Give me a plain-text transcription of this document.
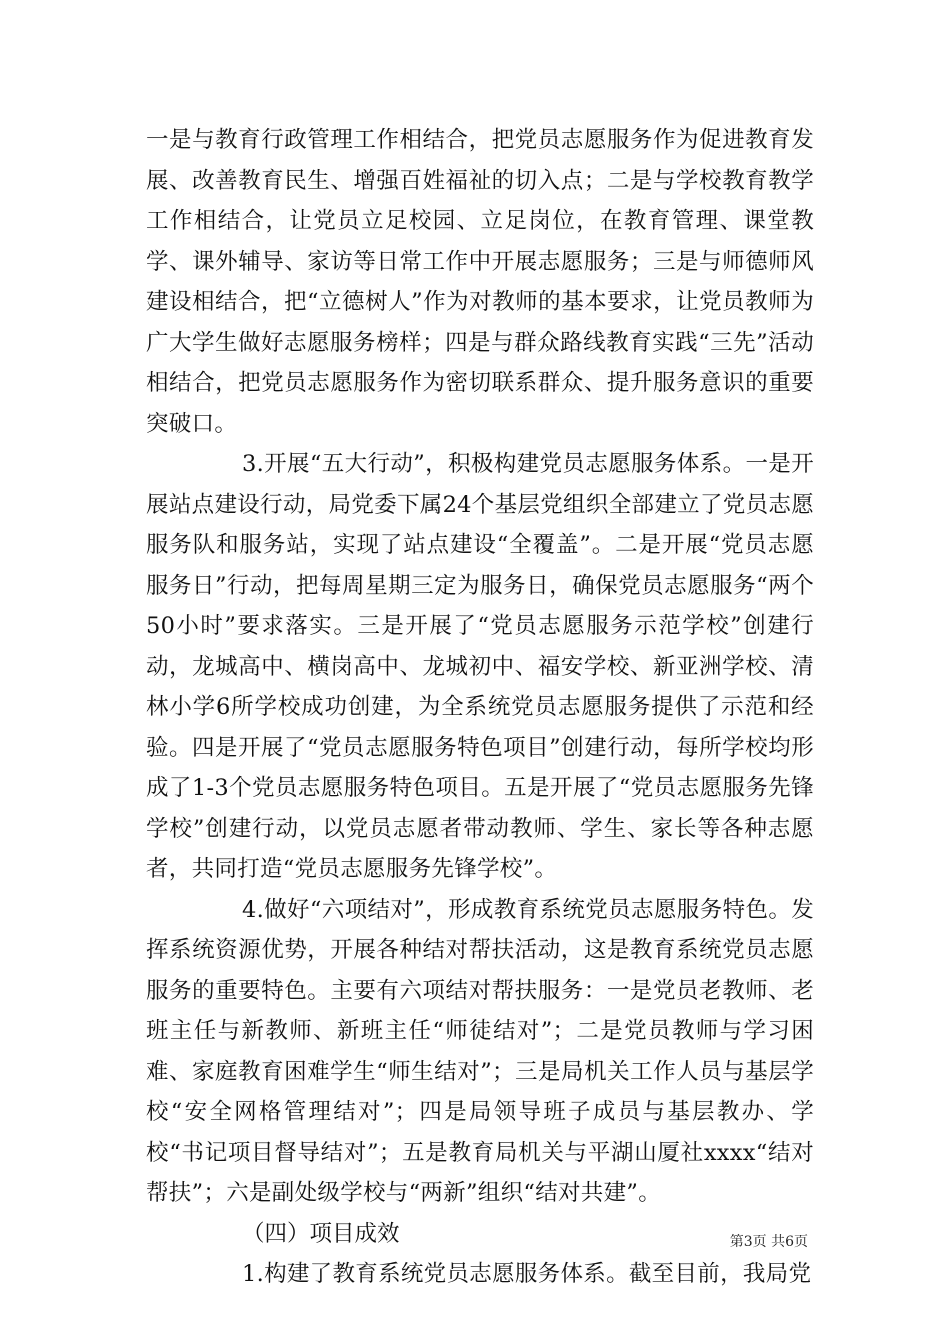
一是与教育行政管理工作相结合，把党员志愿服务作为促进教育发展、改善教育民生、增强百姓福祉的切入点；二是与学校教育教学工作相结合，让党员立足校园、立足岗位，在教育管理、课堂教学、课外辅导、家访等日常工作中开展志愿服务；三是与师德师风建设相结合，把“立德树人”作为对教师的基本要求，让党员教师为广大学生做好志愿服务榜样；四是与群众路线教育实践“三先”活动相结合，把党员志愿服务作为密切联系群众、提升服务意识的重要突破口。

3.开展“五大行动”，积极构建党员志愿服务体系。一是开展站点建设行动，局党委下属24个基层党组织全部建立了党员志愿服务队和服务站，实现了站点建设“全覆盖”。二是开展“党员志愿服务日”行动，把每周星期三定为服务日，确保党员志愿服务“两个50小时”要求落实。三是开展了“党员志愿服务示范学校”创建行动，龙城高中、横岗高中、龙城初中、福安学校、新亚洲学校、清林小学6所学校成功创建，为全系统党员志愿服务提供了示范和经验。四是开展了“党员志愿服务特色项目”创建行动，每所学校均形成了1-3个党员志愿服务特色项目。五是开展了“党员志愿服务先锋学校”创建行动，以党员志愿者带动教师、学生、家长等各种志愿者，共同打造“党员志愿服务先锋学校”。

4.做好“六项结对”，形成教育系统党员志愿服务特色。发挥系统资源优势，开展各种结对帮扶活动，这是教育系统党员志愿服务的重要特色。主要有六项结对帮扶服务：一是党员老教师、老班主任与新教师、新班主任“师徒结对”；二是党员教师与学习困难、家庭教育困难学生“师生结对”；三是局机关工作人员与基层学校“安全网格管理结对”；四是局领导班子成员与基层教办、学校“书记项目督导结对”；五是教育局机关与平湖山厦社xxxx“结对帮扶”；六是副处级学校与“两新”组织“结对共建”。

（四）项目成效

1.构建了教育系统党员志愿服务体系。截至目前，我局党

第3页 共6页
